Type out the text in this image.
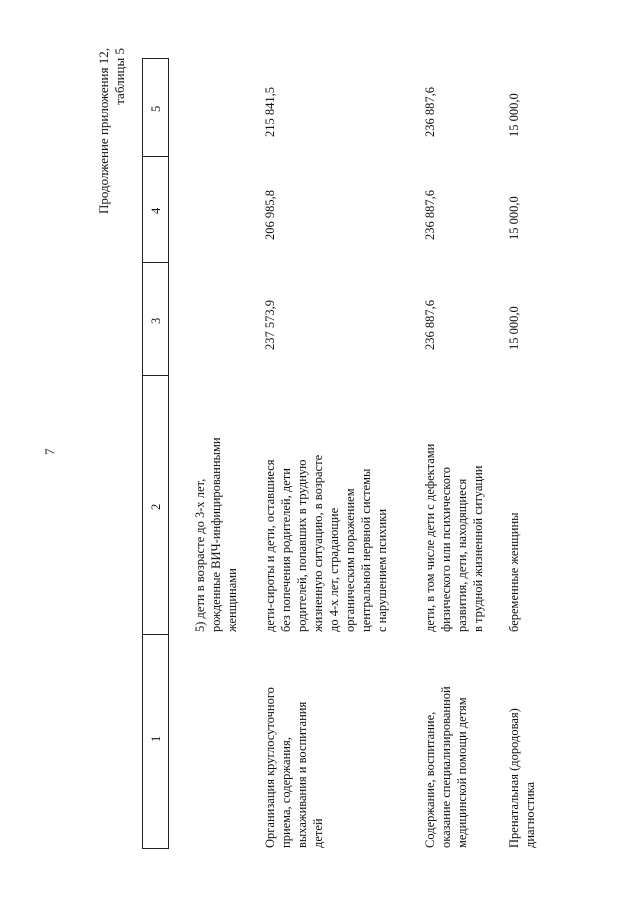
7
Продолжение приложения 12,
таблицы 5
5
4
3
2
1
5) дети в возрасте до 3-х лет,
рожденные ВИЧ-инфицированными
женщинами
Организация круглосуточного
приема, содержания,
выхаживания и воспитания
детей
дети-сироты и дети, оставшиеся
без попечения родителей, дети
родителей, попавших в трудную
жизненную ситуацию, в возрасте
до 4-х лет, страдающие
органическим поражением
центральной нервной системы
с нарушением психики
237 573,9
206 985,8
215 841,5
Содержание, воспитание,
оказание специализированной
медицинской помощи детям
дети, в том числе дети с дефектами
физического или психического
развития, дети, находящиеся
в трудной жизненной ситуации
236 887,6
236 887,6
236 887,6
Пренатальная (дородовая)
диагностика
беременные женщины
15 000,0
15 000,0
15 000,0
